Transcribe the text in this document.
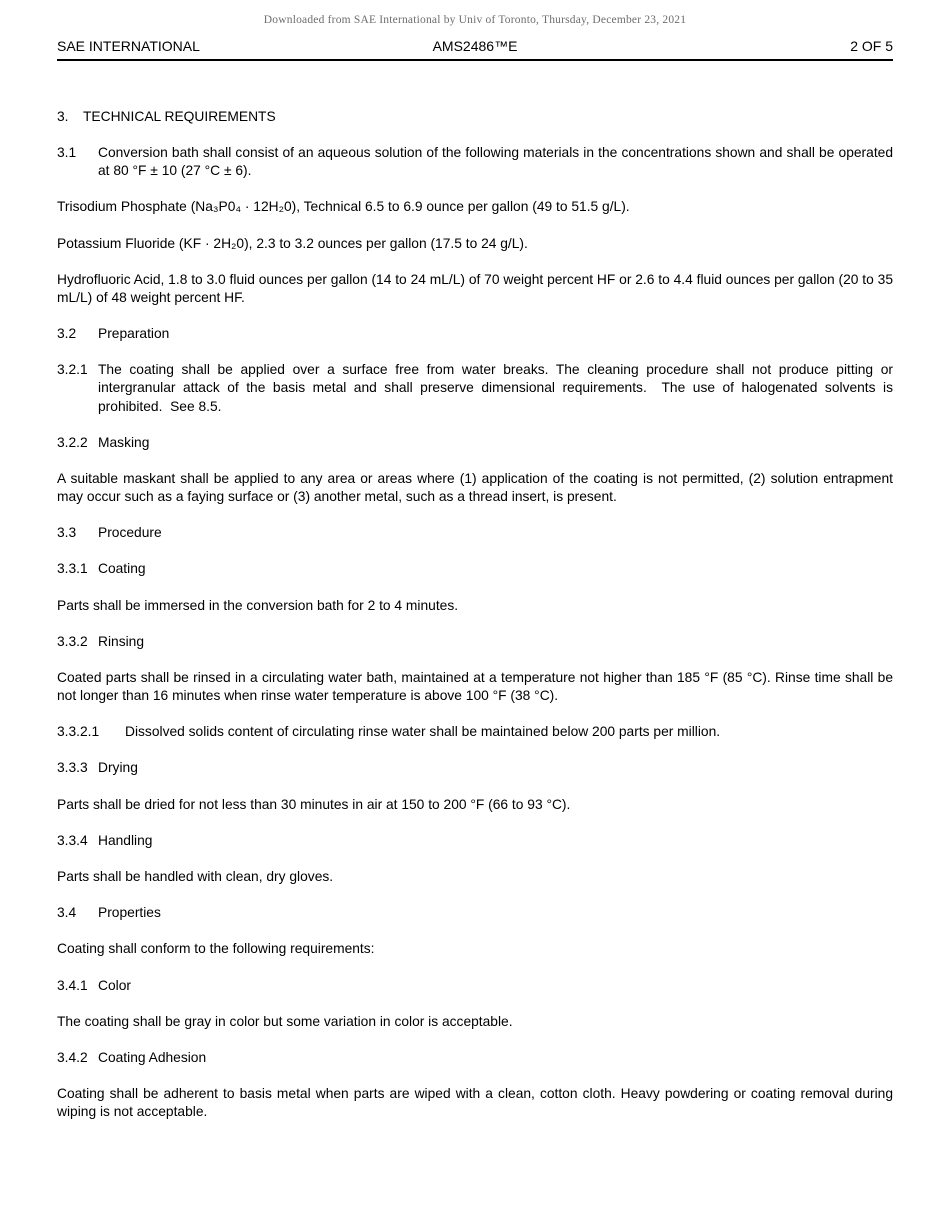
Downloaded from SAE International by Univ of Toronto, Thursday, December 23, 2021
SAE INTERNATIONAL	AMS2486™E	2 OF 5
3. TECHNICAL REQUIREMENTS
3.1 Conversion bath shall consist of an aqueous solution of the following materials in the concentrations shown and shall be operated at 80 °F ± 10 (27 °C ± 6).
Trisodium Phosphate (Na₃P0₄ · 12H₂0), Technical 6.5 to 6.9 ounce per gallon (49 to 51.5 g/L).
Potassium Fluoride (KF · 2H₂0), 2.3 to 3.2 ounces per gallon (17.5 to 24 g/L).
Hydrofluoric Acid, 1.8 to 3.0 fluid ounces per gallon (14 to 24 mL/L) of 70 weight percent HF or 2.6 to 4.4 fluid ounces per gallon (20 to 35 mL/L) of 48 weight percent HF.
3.2 Preparation
3.2.1 The coating shall be applied over a surface free from water breaks. The cleaning procedure shall not produce pitting or intergranular attack of the basis metal and shall preserve dimensional requirements.  The use of halogenated solvents is prohibited.  See 8.5.
3.2.2 Masking
A suitable maskant shall be applied to any area or areas where (1) application of the coating is not permitted, (2) solution entrapment may occur such as a faying surface or (3) another metal, such as a thread insert, is present.
3.3 Procedure
3.3.1 Coating
Parts shall be immersed in the conversion bath for 2 to 4 minutes.
3.3.2 Rinsing
Coated parts shall be rinsed in a circulating water bath, maintained at a temperature not higher than 185 °F (85 °C). Rinse time shall be not longer than 16 minutes when rinse water temperature is above 100 °F (38 °C).
3.3.2.1 Dissolved solids content of circulating rinse water shall be maintained below 200 parts per million.
3.3.3 Drying
Parts shall be dried for not less than 30 minutes in air at 150 to 200 °F (66 to 93 °C).
3.3.4 Handling
Parts shall be handled with clean, dry gloves.
3.4 Properties
Coating shall conform to the following requirements:
3.4.1 Color
The coating shall be gray in color but some variation in color is acceptable.
3.4.2 Coating Adhesion
Coating shall be adherent to basis metal when parts are wiped with a clean, cotton cloth. Heavy powdering or coating removal during wiping is not acceptable.
